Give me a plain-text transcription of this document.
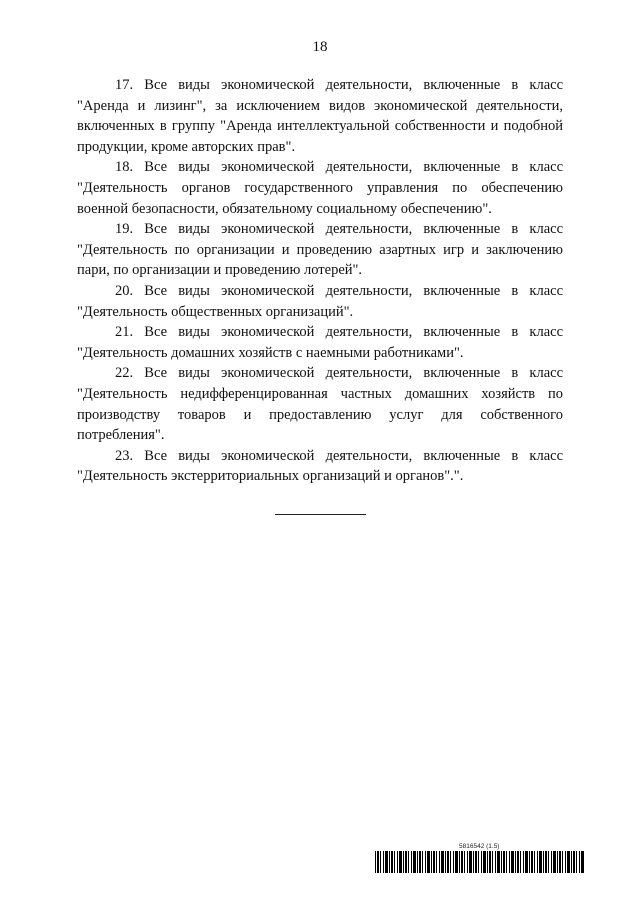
18

17. Все виды экономической деятельности, включенные в класс "Аренда и лизинг", за исключением видов экономической деятельности, включенных в группу "Аренда интеллектуальной собственности и подобной продукции, кроме авторских прав".

18. Все виды экономической деятельности, включенные в класс "Деятельность органов государственного управления по обеспечению военной безопасности, обязательному социальному обеспечению".

19. Все виды экономической деятельности, включенные в класс "Деятельность по организации и проведению азартных игр и заключению пари, по организации и проведению лотерей".

20. Все виды экономической деятельности, включенные в класс "Деятельность общественных организаций".

21. Все виды экономической деятельности, включенные в класс "Деятельность домашних хозяйств с наемными работниками".

22. Все виды экономической деятельности, включенные в класс "Деятельность недифференцированная частных домашних хозяйств по производству товаров и предоставлению услуг для собственного потребления".

23. Все виды экономической деятельности, включенные в класс "Деятельность экстерриториальных организаций и органов".".

5816542 (1.5)
